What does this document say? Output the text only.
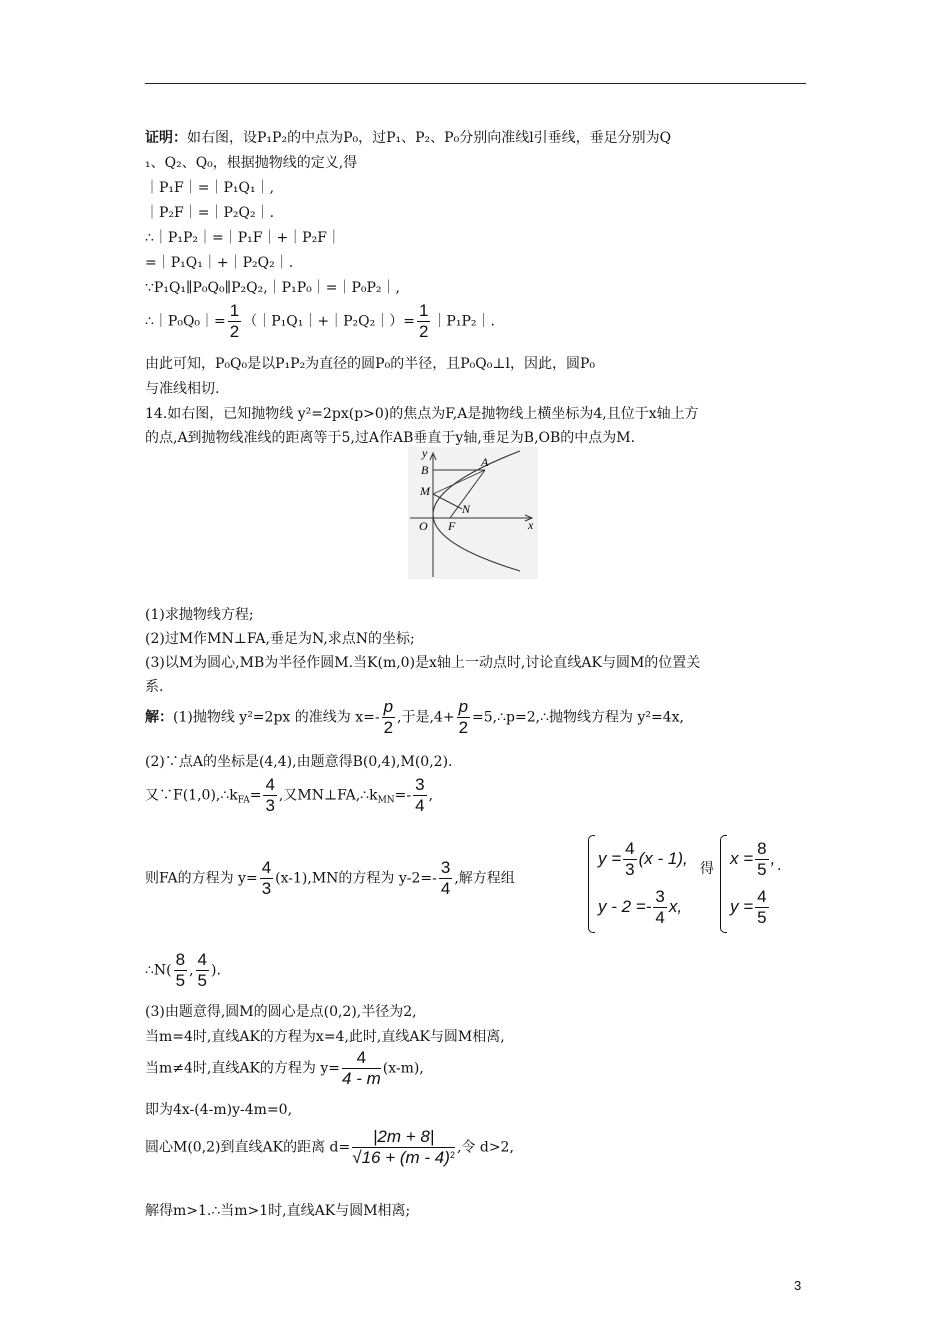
证明：如右图，设P₁P₂的中点为P₀，过P₁、P₂、P₀分别向准线l引垂线，垂足分别为Q
₁、Q₂、Q₀，根据抛物线的定义,得
｜P₁F｜=｜P₁Q₁｜,
｜P₂F｜=｜P₂Q₂｜.
∴｜P₁P₂｜=｜P₁F｜+｜P₂F｜
=｜P₁Q₁｜+｜P₂Q₂｜.
∵P₁Q₁∥P₀Q₀∥P₂Q₂,｜P₁P₀｜=｜P₀P₂｜,
∴｜P₀Q₀｜= $\frac{1}{2}$ （｜P₁Q₁｜+｜P₂Q₂｜）= $\frac{1}{2}$ ｜P₁P₂｜.
由此可知，P₀Q₀是以P₁P₂为直径的圆P₀的半径，且P₀Q₀⊥l，因此，圆P₀
与准线相切.
14.如右图，已知抛物线 y²=2px(p>0)的焦点为F,A是抛物线上横坐标为4,且位于x轴上方
的点,A到抛物线准线的距离等于5,过A作AB垂直于y轴,垂足为B,OB的中点为M.
y
x
A
B
M
N
O F
(1)求抛物线方程;
(2)过M作MN⊥FA,垂足为N,求点N的坐标;
(3)以M为圆心,MB为半径作圆M.当K(m,0)是x轴上一动点时,讨论直线AK与圆M的位置关
系.
解：(1)抛物线 y²=2px 的准线为 $x=- \frac{p}{2}$ ,于是$,4+ \frac{p}{2}$ =5,∴p=2,∴抛物线方程为 y²=4x,
(2)∵点A的坐标是(4,4),由题意得B(0,4),M(0,2).
又$\because F(1,0),\therefore k_{FA}= \frac{4}{3}$ ,又$MN\perp FA,\therefore k_{MN}=- \frac{3}{4}$ ,
则FA的方程为 $y= \frac{4}{3} (x-1),MN$的方程为 $y-2=- \frac{3}{4}$ ,解方程组
$y = \frac{4}{3} (x - 1)$,
$y - 2 =- \frac{3}{4} x$,
得
$x = \frac{8}{5}$ ,
$y = \frac{4}{5}$
.
∴N( $\frac{8}{5}$ , $\frac{4}{5}$ ).
(3)由题意得,圆M的圆心是点(0,2),半径为2,
当m=4时,直线AK的方程为x=4,此时,直线AK与圆M相离,
当m≠4时,直线AK的方程为 $y= \frac{4}{4 - m} (x-m)$,
即为4x-(4-m)y-4m=0,
圆心M(0,2)到直线AK的距离 $d= \frac{|2m + 8|}{√16 + (m - 4)^2}$ ,令 d>2,
解得m>1.∴当m>1时,直线AK与圆M相离;
3
